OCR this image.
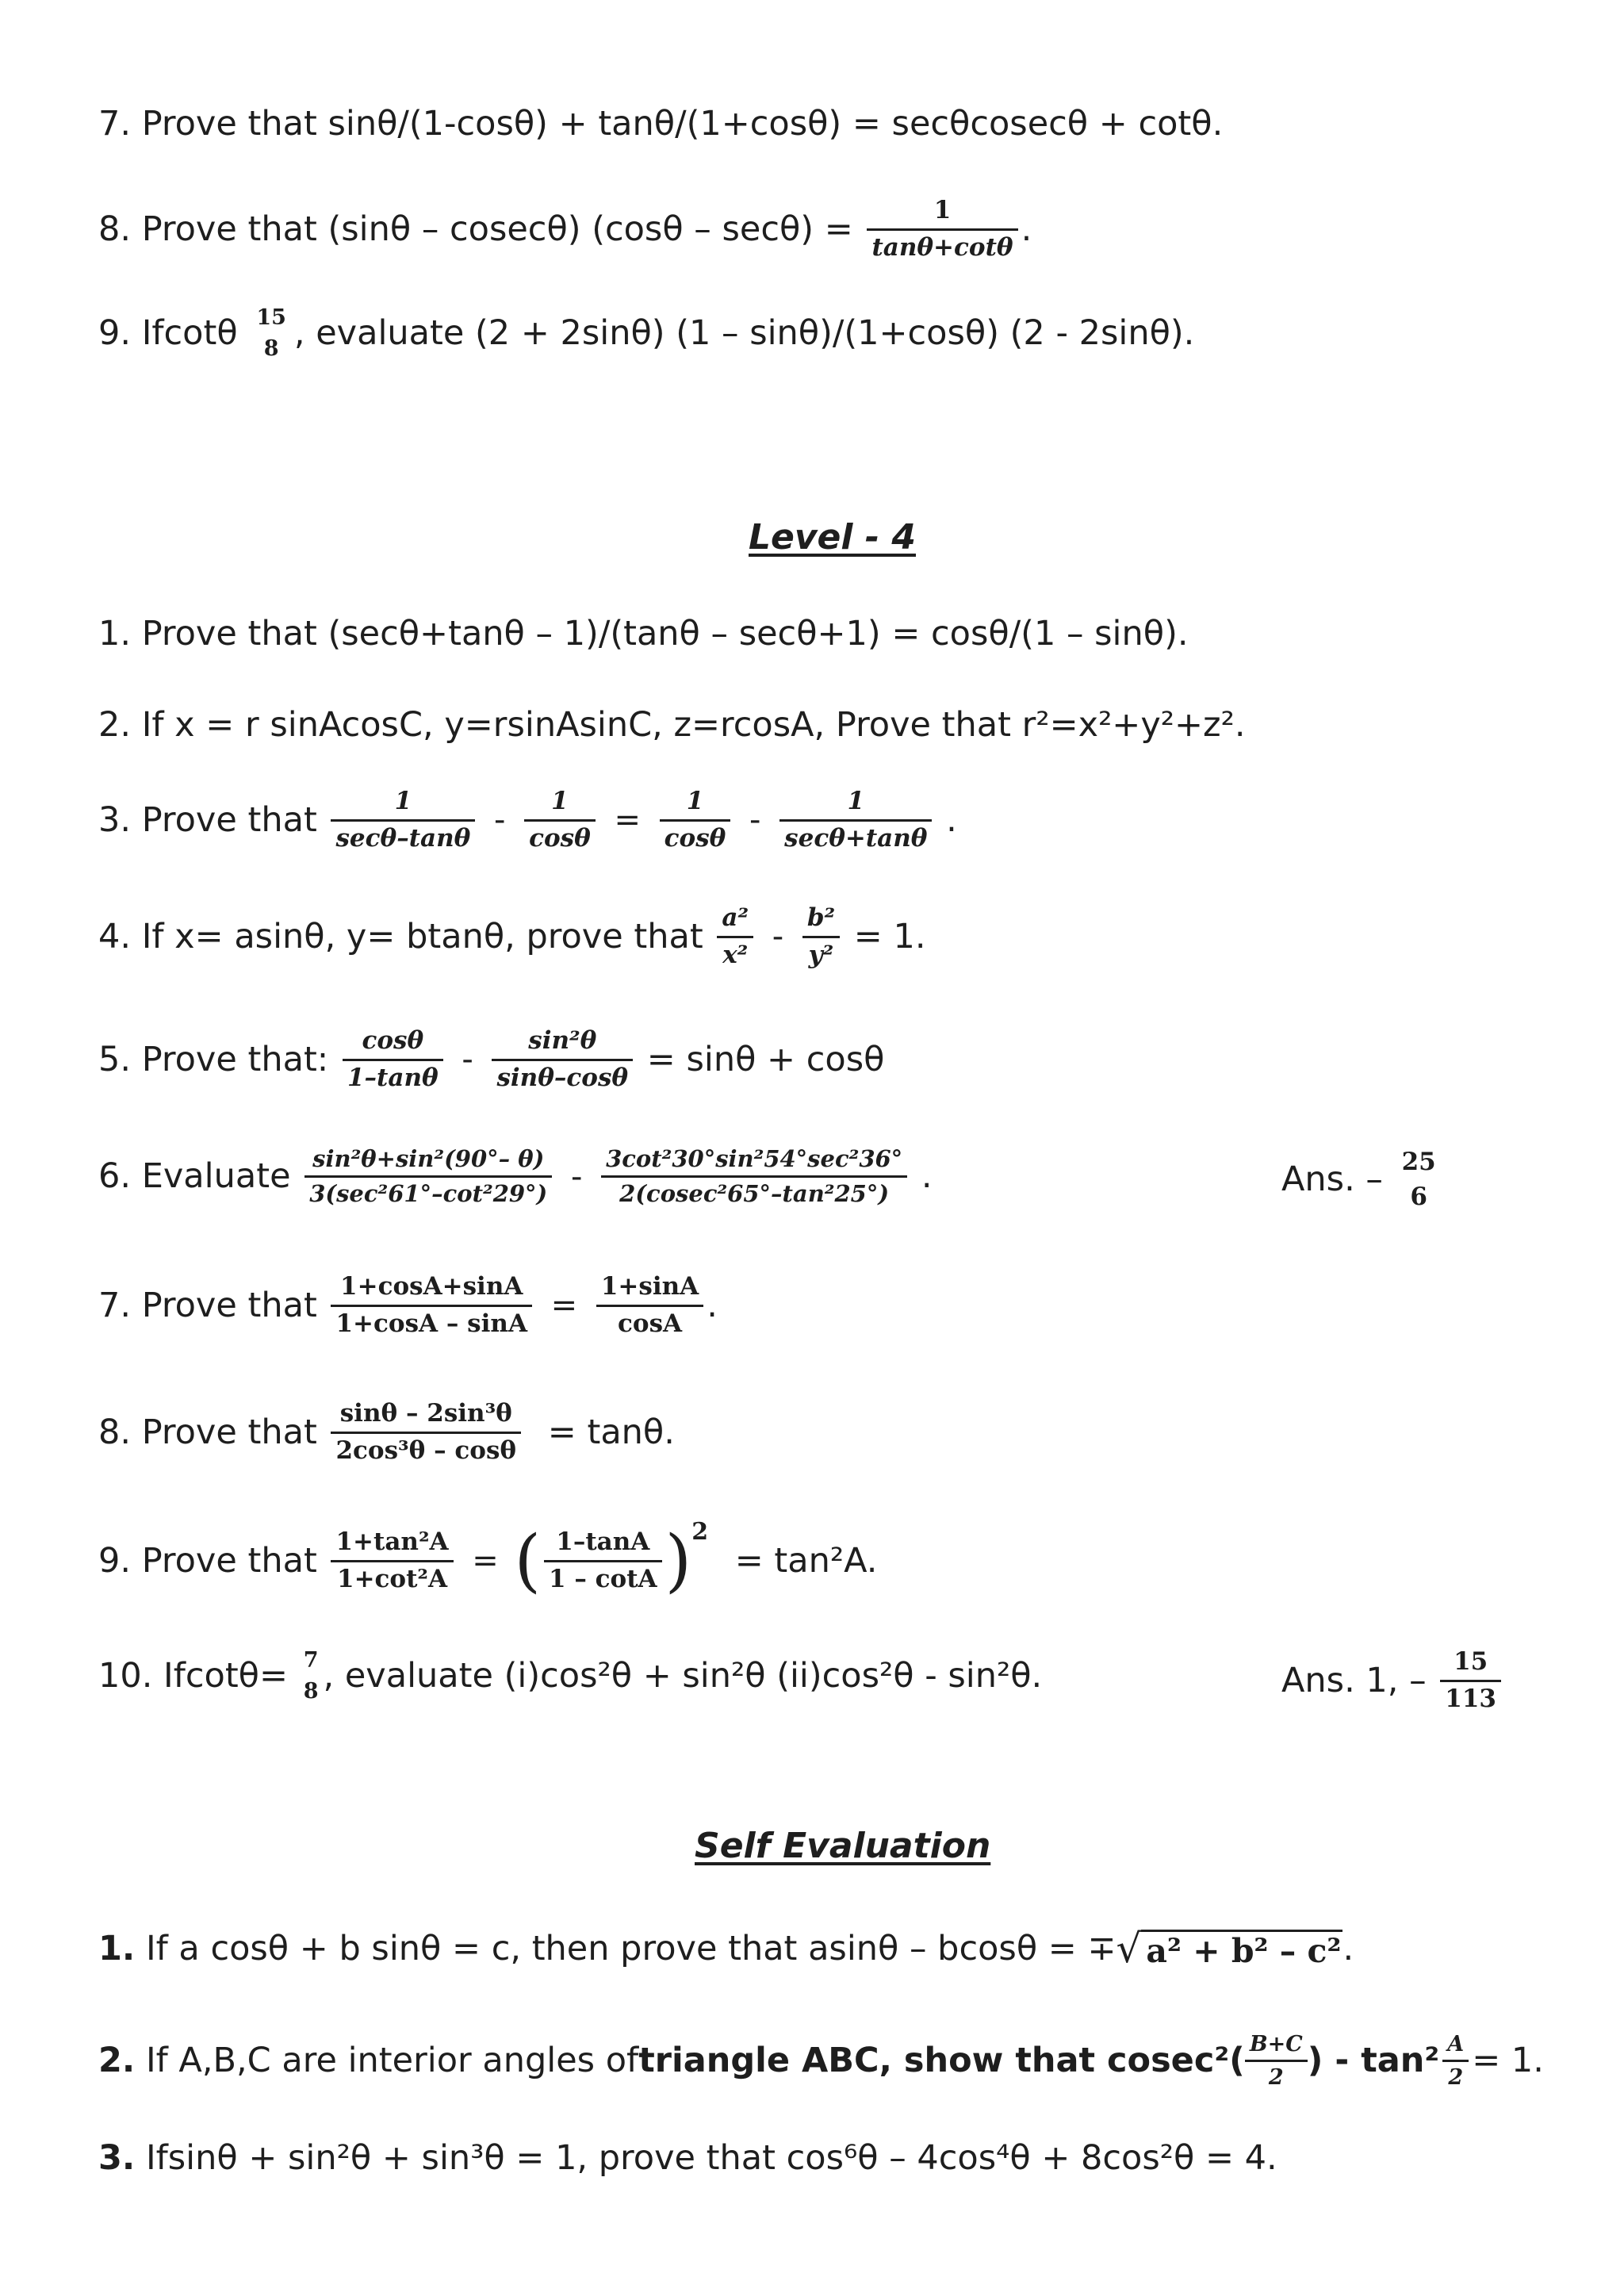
7. Prove that sinθ/(1-cosθ) + tanθ/(1+cosθ) = secθcosecθ + cotθ.
8. Prove that (sinθ – cosecθ) $(\cos\theta - \sec\theta) = \frac{1}{\tan\theta+\cot\theta}$ .
9. Ifcotθ 15
8 , evaluate (2 + 2sinθ) (1 – sinθ)/(1+cosθ) (2 - 2sinθ).
Level - 4
1. Prove that (secθ+tanθ – 1)/(tanθ – secθ+1) = cosθ/(1 – sinθ).
2. If x = r sinAcosC, y=rsinAsinC, z=rcosA, Prove that r²=x²+y²+z².
3. Prove that $\frac{1}{\sec\theta-\tan\theta} - \frac{1}{\cos\theta} = \frac{1}{\cos\theta} - \frac{1}{\sec\theta+\tan\theta}$ .
4. If x= asinθ, y= btanθ, prove that $\frac{\text{a²}}{\text{x²}} - \frac{\text{b²}}{\text{y²}} = 1$.
5. Prove that: $\frac{\cos\theta}{1-\tan\theta} - \frac{\text{sin²θ}}{\sin\theta-\cos\theta} = \sin\theta + \cos\theta$
6. Evaluate $\frac{\text{sin²θ+sin²(90°– θ)}}{\text{3(sec²61°–cot²29°)}} - \frac{\text{3cot²30°sin²54°sec²36°}}{\text{2(cosec²65°–tan²25°)}}$ .	Ans. – 25
6
7. Prove that $\frac{1+\cos A+\sin A}{1+\cos A - \sin A} = \frac{1+\sin A}{\cos A}$ .
8. Prove that $\frac{\text{sinθ – 2sin³θ}}{\text{2cos³θ – cosθ}} = \tan\theta$.
9. Prove that $\frac{\text{1+tan²A}}{\text{1+cot²A}}$ = ( $\frac{1-\tan A}{1 - \cot A} )^2 = \tan^2A$.
10. Ifcotθ= 7
8 , evaluate (i)cos²θ + sin²θ (ii)cos²θ - sin²θ.	Ans. 1, – $\frac{15}{113}$
Self Evaluation
1. If a cosθ + b sinθ = c, then prove that asinθ – bcosθ = ∓√ a² + b² – c².
2. If A,B,C are interior angles oftriangle ABC, show that $cosec^2( \frac{B+C}{2}$ ) - $\tan^2 \frac{A}{2} = 1$.
3. Ifsinθ + sin²θ + sin³θ = 1, prove that cos⁶θ – 4cos⁴θ + 8cos²θ = 4.
